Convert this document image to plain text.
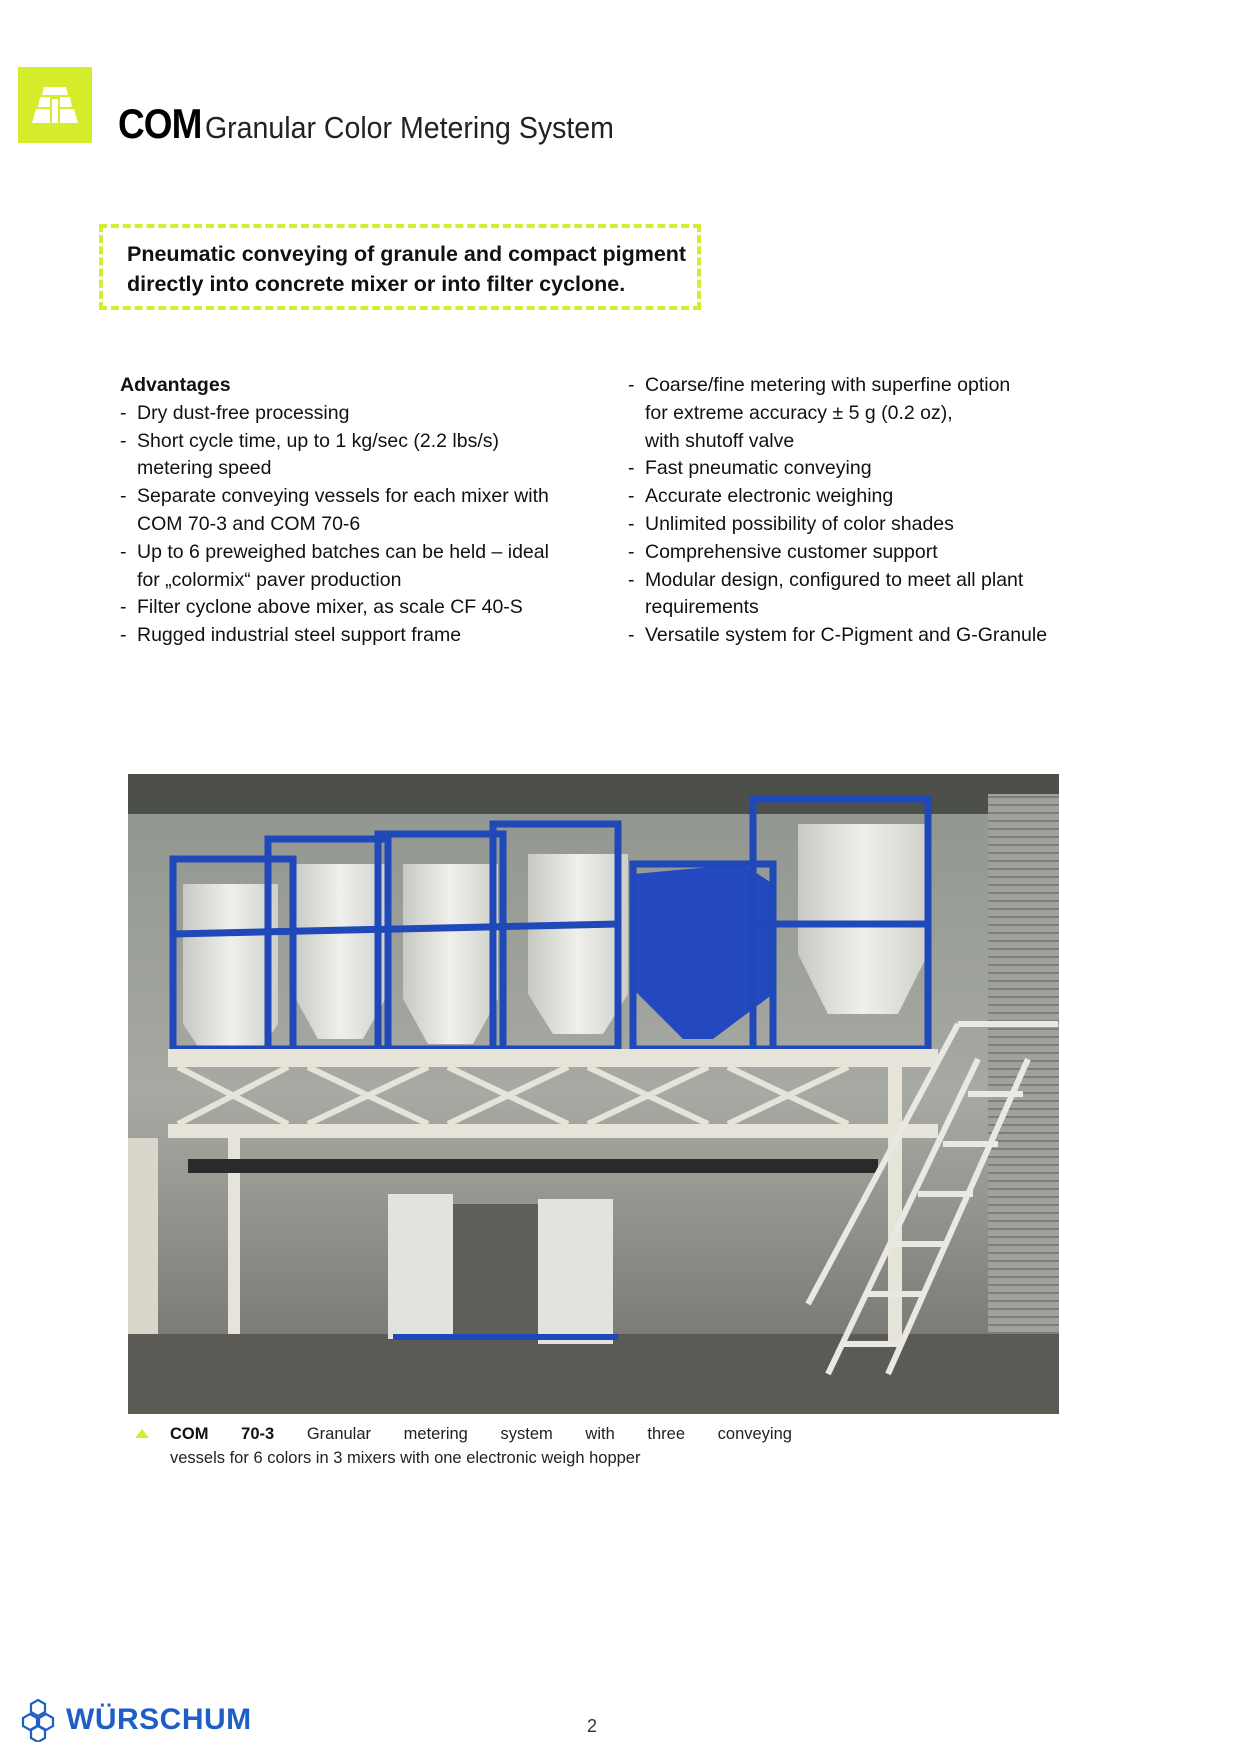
COM Granular Color Metering System

Pneumatic conveying of granule and compact pigment

directly into concrete mixer or into filter cyclone.

Advantages
- Dry dust-free processing
- Short cycle time, up to 1 kg/sec (2.2 lbs/s)
metering speed
- Separate conveying vessels for each mixer with
COM 70-3 and COM 70-6
- Up to 6 preweighed batches can be held – ideal
for „colormix“ paver production
- Filter cyclone above mixer, as scale CF 40-S
- Rugged industrial steel support frame
- Coarse/fine metering with superfine option
for extreme accuracy ± 5 g (0.2 oz),
with shutoff valve
- Fast pneumatic conveying
- Accurate electronic weighing
- Unlimited possibility of color shades
- Comprehensive customer support
- Modular design, configured to meet all plant
requirements
- Versatile system for C-Pigment and G-Granule
COM 70-3 Granular metering system with three conveying
vessels for 6 colors in 3 mixers with one electronic weigh hopper
WÜRSCHUM	2
